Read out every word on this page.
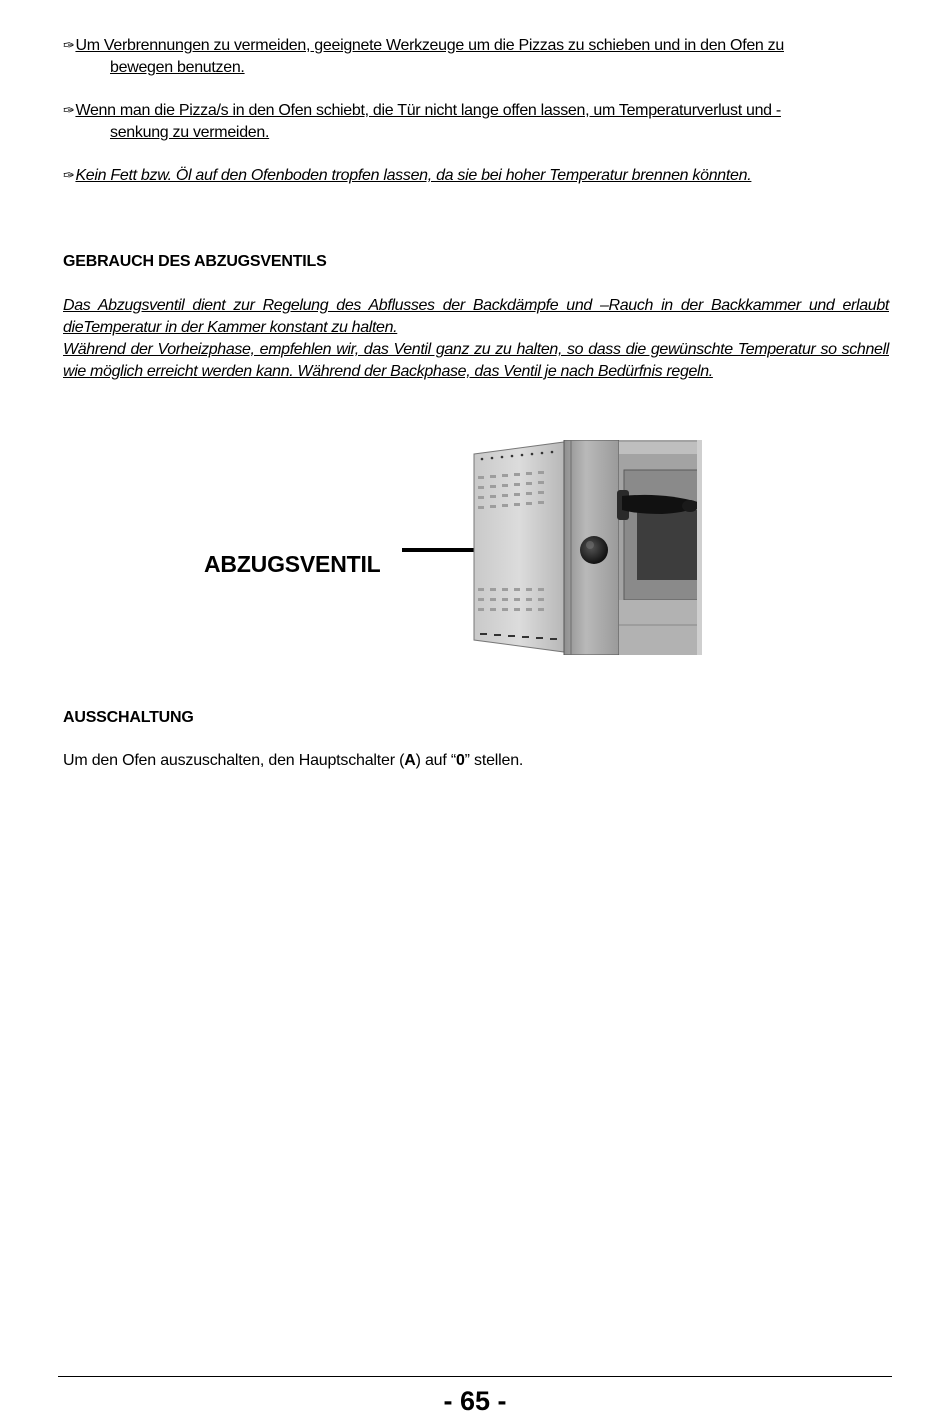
✑Um Verbrennungen zu vermeiden, geeignete Werkzeuge um die Pizzas zu schieben und in den Ofen zu
bewegen benutzen.
✑Wenn man die Pizza/s in den Ofen schiebt, die Tür nicht lange offen lassen, um Temperaturverlust und -
senkung zu vermeiden.
✑Kein Fett bzw. Öl auf den Ofenboden tropfen lassen, da sie bei hoher Temperatur brennen könnten.
GEBRAUCH DES ABZUGSVENTILS

Das Abzugsventil dient zur Regelung des Abflusses der Backdämpfe und –Rauch in der Backkammer und erlaubt dieTemperatur in der Kammer konstant zu halten.

Während der Vorheizphase, empfehlen wir, das Ventil ganz zu zu halten, so dass die gewünschte Temperatur so schnell wie möglich erreicht werden kann. Während der Backphase, das Ventil je nach Bedürfnis regeln.

ABZUGSVENTIL
AUSSCHALTUNG
Um den Ofen auszuschalten, den Hauptschalter (A) auf “0” stellen.
- 65 -
